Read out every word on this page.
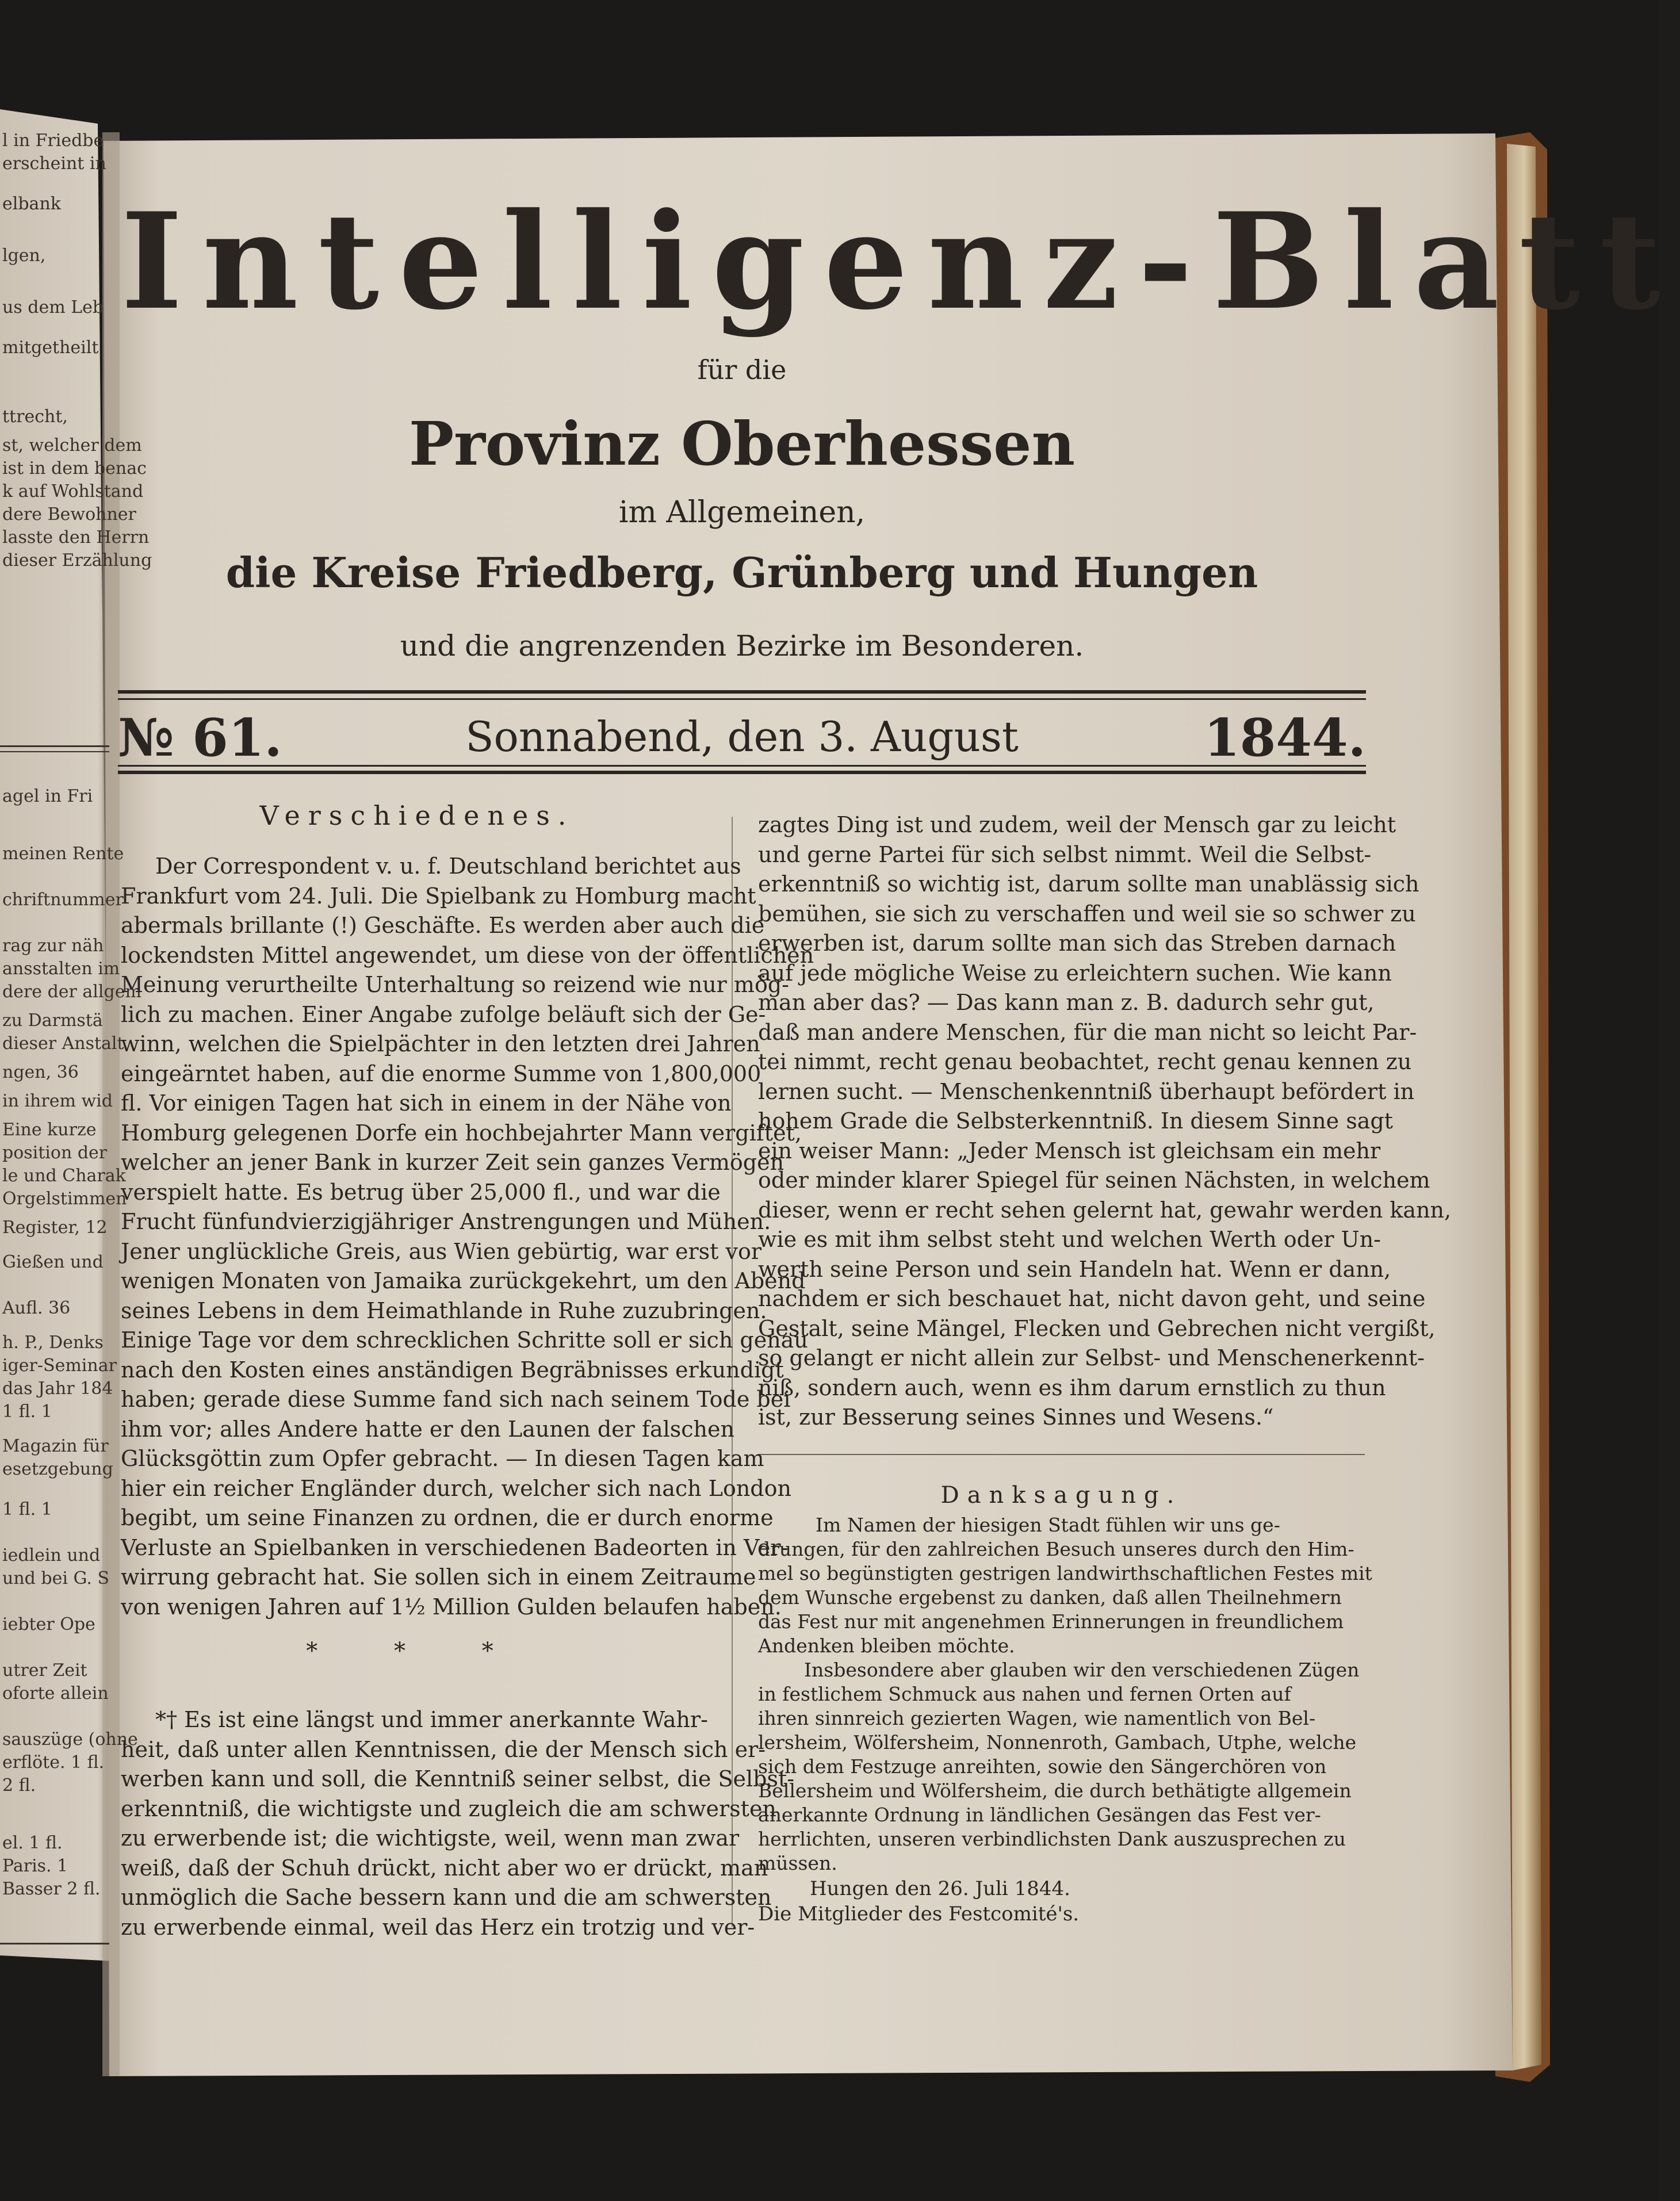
l in Friedbe
erscheint in
elbank
lgen,
us dem Leb
mitgetheilt
ttrecht,
st, welcher dem
ist in dem benac
k auf Wohlstand
dere Bewohner
lasste den Herrn
dieser Erzählung
agel in Fri
meinen Rente
chriftnummer
rag zur näh
ansstalten im
dere der allgem
zu Darmstä
dieser Anstalt
ngen, 36
in ihrem wid
Eine kurze
position der
le und Charak
Orgelstimmen
Register, 12
Gießen und
Aufl. 36
h. P., Denks
iger-Seminar
das Jahr 184
1 fl. 1
Magazin für
esetzgebung
1 fl. 1
iedlein und
und bei G. S
iebter Ope
utrer Zeit
oforte allein
sauszüge (ohne
erflöte. 1 fl.
2 fl.
el. 1 fl.
Paris. 1
Basser 2 fl.
Intelligenz-Blatt
für die
Provinz Oberhessen
im Allgemeinen,
die Kreise Friedberg, Grünberg und Hungen
und die angrenzenden Bezirke im Besonderen.
№ 61.	Sonnabend, den 3. August	1844.
Verschiedenes.
Der Correspondent v. u. f. Deutschland berichtet aus
Frankfurt vom 24. Juli. Die Spielbank zu Homburg macht
abermals brillante (!) Geschäfte. Es werden aber auch die
lockendsten Mittel angewendet, um diese von der öffentlichen
Meinung verurtheilte Unterhaltung so reizend wie nur mög-
lich zu machen. Einer Angabe zufolge beläuft sich der Ge-
winn, welchen die Spielpächter in den letzten drei Jahren
eingeärntet haben, auf die enorme Summe von 1,800,000
fl. Vor einigen Tagen hat sich in einem in der Nähe von
Homburg gelegenen Dorfe ein hochbejahrter Mann vergiftet,
welcher an jener Bank in kurzer Zeit sein ganzes Vermögen
verspielt hatte. Es betrug über 25,000 fl., und war die
Frucht fünfundvierzigjähriger Anstrengungen und Mühen.
Jener unglückliche Greis, aus Wien gebürtig, war erst vor
wenigen Monaten von Jamaika zurückgekehrt, um den Abend
seines Lebens in dem Heimathlande in Ruhe zuzubringen.
Einige Tage vor dem schrecklichen Schritte soll er sich genau
nach den Kosten eines anständigen Begräbnisses erkundigt
haben; gerade diese Summe fand sich nach seinem Tode bei
ihm vor; alles Andere hatte er den Launen der falschen
Glücksgöttin zum Opfer gebracht. — In diesen Tagen kam
hier ein reicher Engländer durch, welcher sich nach London
begibt, um seine Finanzen zu ordnen, die er durch enorme
Verluste an Spielbanken in verschiedenen Badeorten in Ver-
wirrung gebracht hat. Sie sollen sich in einem Zeitraume
von wenigen Jahren auf 1½ Million Gulden belaufen haben.
* * *
*† Es ist eine längst und immer anerkannte Wahr-
heit, daß unter allen Kenntnissen, die der Mensch sich er-
werben kann und soll, die Kenntniß seiner selbst, die Selbst-
erkenntniß, die wichtigste und zugleich die am schwersten
zu erwerbende ist; die wichtigste, weil, wenn man zwar
weiß, daß der Schuh drückt, nicht aber wo er drückt, man
unmöglich die Sache bessern kann und die am schwersten
zu erwerbende einmal, weil das Herz ein trotzig und ver-
zagtes Ding ist und zudem, weil der Mensch gar zu leicht
und gerne Partei für sich selbst nimmt. Weil die Selbst-
erkenntniß so wichtig ist, darum sollte man unablässig sich
bemühen, sie sich zu verschaffen und weil sie so schwer zu
erwerben ist, darum sollte man sich das Streben darnach
auf jede mögliche Weise zu erleichtern suchen. Wie kann
man aber das? — Das kann man z. B. dadurch sehr gut,
daß man andere Menschen, für die man nicht so leicht Par-
tei nimmt, recht genau beobachtet, recht genau kennen zu
lernen sucht. — Menschenkenntniß überhaupt befördert in
hohem Grade die Selbsterkenntniß. In diesem Sinne sagt
ein weiser Mann: „Jeder Mensch ist gleichsam ein mehr
oder minder klarer Spiegel für seinen Nächsten, in welchem
dieser, wenn er recht sehen gelernt hat, gewahr werden kann,
wie es mit ihm selbst steht und welchen Werth oder Un-
werth seine Person und sein Handeln hat. Wenn er dann,
nachdem er sich beschauet hat, nicht davon geht, und seine
Gestalt, seine Mängel, Flecken und Gebrechen nicht vergißt,
so gelangt er nicht allein zur Selbst- und Menschenerkennt-
niß, sondern auch, wenn es ihm darum ernstlich zu thun
ist, zur Besserung seines Sinnes und Wesens.“
Danksagung.
Im Namen der hiesigen Stadt fühlen wir uns ge-
drungen, für den zahlreichen Besuch unseres durch den Him-
mel so begünstigten gestrigen landwirthschaftlichen Festes mit
dem Wunsche ergebenst zu danken, daß allen Theilnehmern
das Fest nur mit angenehmen Erinnerungen in freundlichem
Andenken bleiben möchte.
Insbesondere aber glauben wir den verschiedenen Zügen
in festlichem Schmuck aus nahen und fernen Orten auf
ihren sinnreich gezierten Wagen, wie namentlich von Bel-
lersheim, Wölfersheim, Nonnenroth, Gambach, Utphe, welche
sich dem Festzuge anreihten, sowie den Sängerchören von
Bellersheim und Wölfersheim, die durch bethätigte allgemein
anerkannte Ordnung in ländlichen Gesängen das Fest ver-
herrlichten, unseren verbindlichsten Dank auszusprechen zu
müssen.
Hungen den 26. Juli 1844.
Die Mitglieder des Festcomité's.
